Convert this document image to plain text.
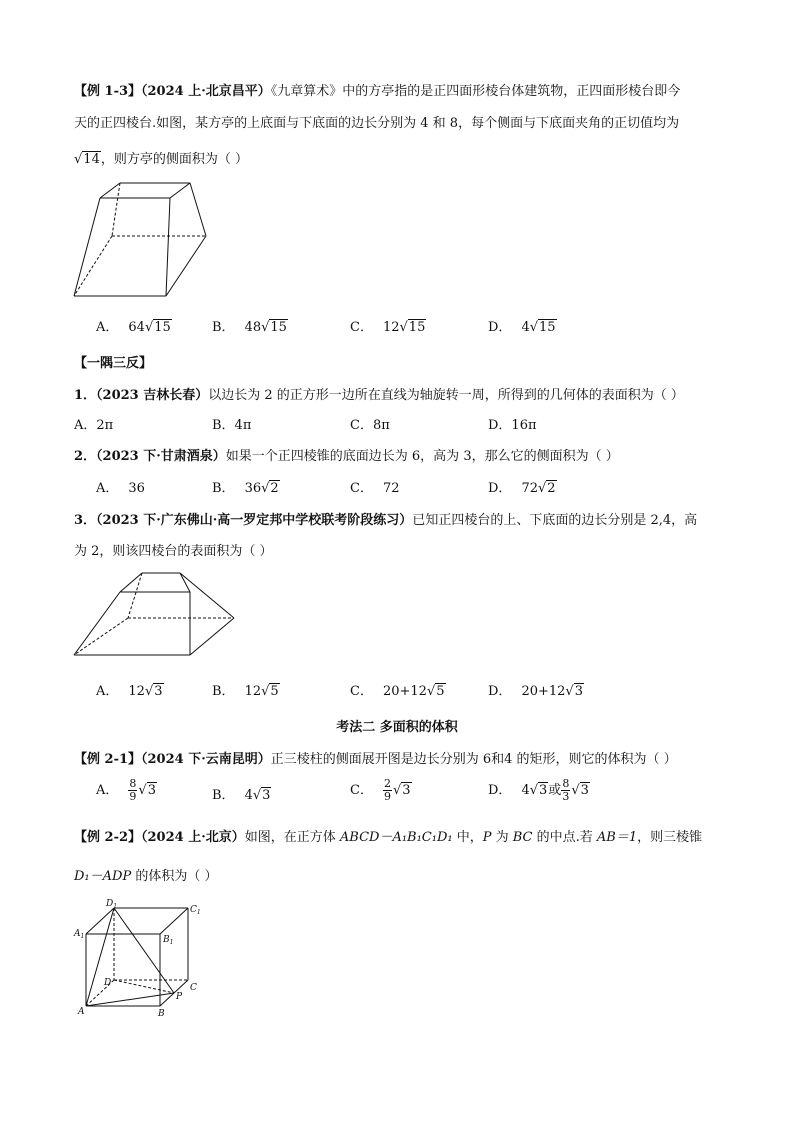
【例 1-3】（2024 上·北京昌平）《九章算术》中的方亭指的是正四面形棱台体建筑物，正四面形棱台即今
天的正四棱台.如图，某方亭的上底面与下底面的边长分别为 4 和 8，每个侧面与下底面夹角的正切值均为
√14，则方亭的侧面积为（ ）
A． 64√15	B． 48√15	C． 12√15	D． 4√15
【一隅三反】
1．（2023 吉林长春）以边长为 2 的正方形一边所在直线为轴旋转一周，所得到的几何体的表面积为（ ）
A．2π	B．4π	C．8π	D．16π
2．（2023 下·甘肃酒泉）如果一个正四棱锥的底面边长为 6，高为 3，那么它的侧面积为（ ）
A． 36	B． 36√2	C． 72	D． 72√2
3．（2023 下·广东佛山·高一罗定邦中学校联考阶段练习）已知正四棱台的上、下底面的边长分别是 2,4，高
为 2，则该四棱台的表面积为（ ）
A． 12√3	B． 12√5	C． 20+12√5	D． 20+12√3
考法二 多面积的体积
【例 2-1】（2024 下·云南昆明）正三棱柱的侧面展开图是边长分别为 6和4 的矩形，则它的体积为（ ）
A． $\frac{8}{9} √3$	B． 4√3	C． $\frac{2}{9} √3$	D． 4√3或 $\frac{8}{3} √3$
【例 2-2】（2024 上·北京）如图，在正方体 ABCD－A₁B₁C₁D₁ 中，P 为 BC 的中点.若 AB＝1，则三棱锥
D₁－ADP 的体积为（ ）
$D_1$	$C_1$
$A_1$	$B_1$
D	C
P
A	B
